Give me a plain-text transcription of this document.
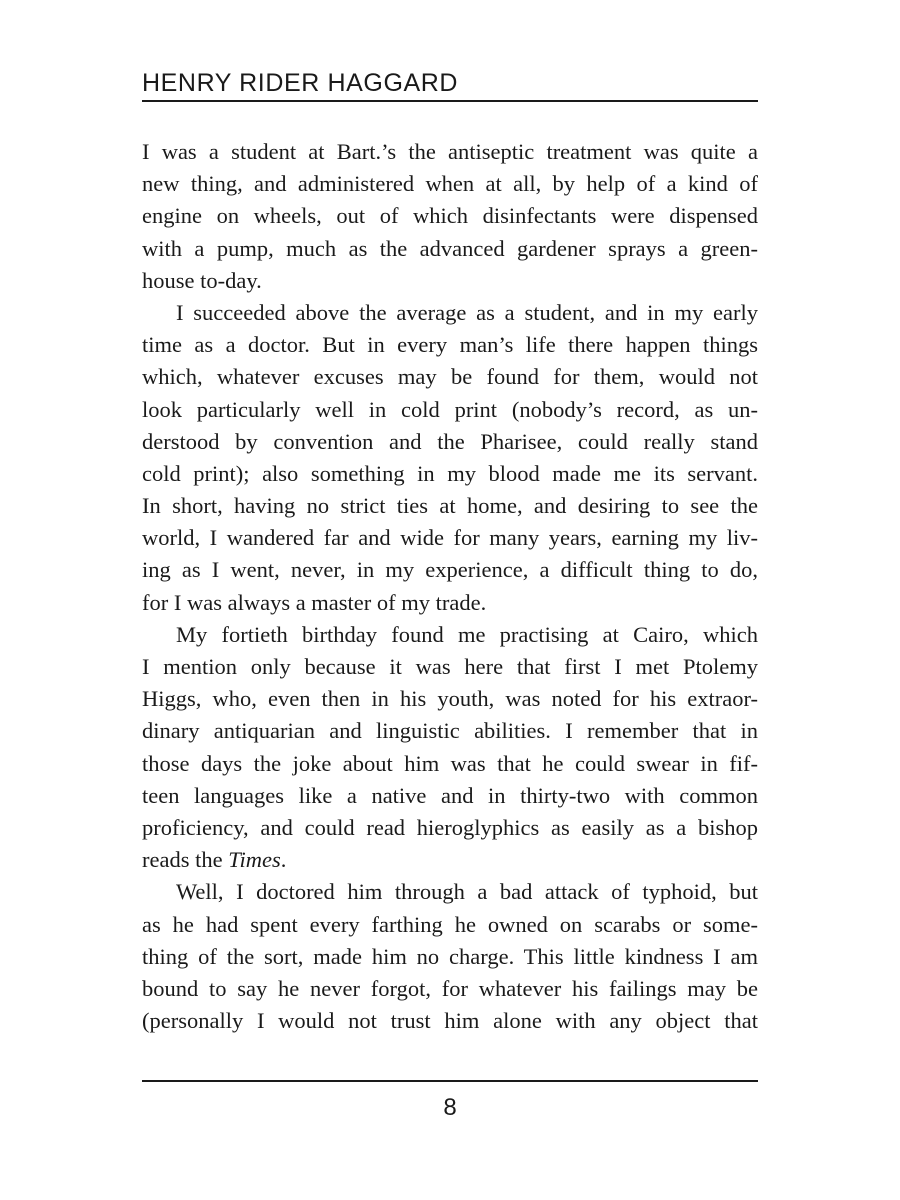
HENRY RIDER HAGGARD
I was a student at Bart.’s the antiseptic treatment was quite a
new thing, and administered when at all, by help of a kind of
engine on wheels, out of which disinfectants were dispensed
with a pump, much as the advanced gardener sprays a green-
house to-day.
I succeeded above the average as a student, and in my early
time as a doctor. But in every man’s life there happen things
which, whatever excuses may be found for them, would not
look particularly well in cold print (nobody’s record, as un-
derstood by convention and the Pharisee, could really stand
cold print); also something in my blood made me its servant.
In short, having no strict ties at home, and desiring to see the
world, I wandered far and wide for many years, earning my liv-
ing as I went, never, in my experience, a difficult thing to do,
for I was always a master of my trade.
My fortieth birthday found me practising at Cairo, which
I mention only because it was here that first I met Ptolemy
Higgs, who, even then in his youth, was noted for his extraor-
dinary antiquarian and linguistic abilities. I remember that in
those days the joke about him was that he could swear in fif-
teen languages like a native and in thirty-two with common
proficiency, and could read hieroglyphics as easily as a bishop
reads the Times.
Well, I doctored him through a bad attack of typhoid, but
as he had spent every farthing he owned on scarabs or some-
thing of the sort, made him no charge. This little kindness I am
bound to say he never forgot, for whatever his failings may be
(personally I would not trust him alone with any object that
8
